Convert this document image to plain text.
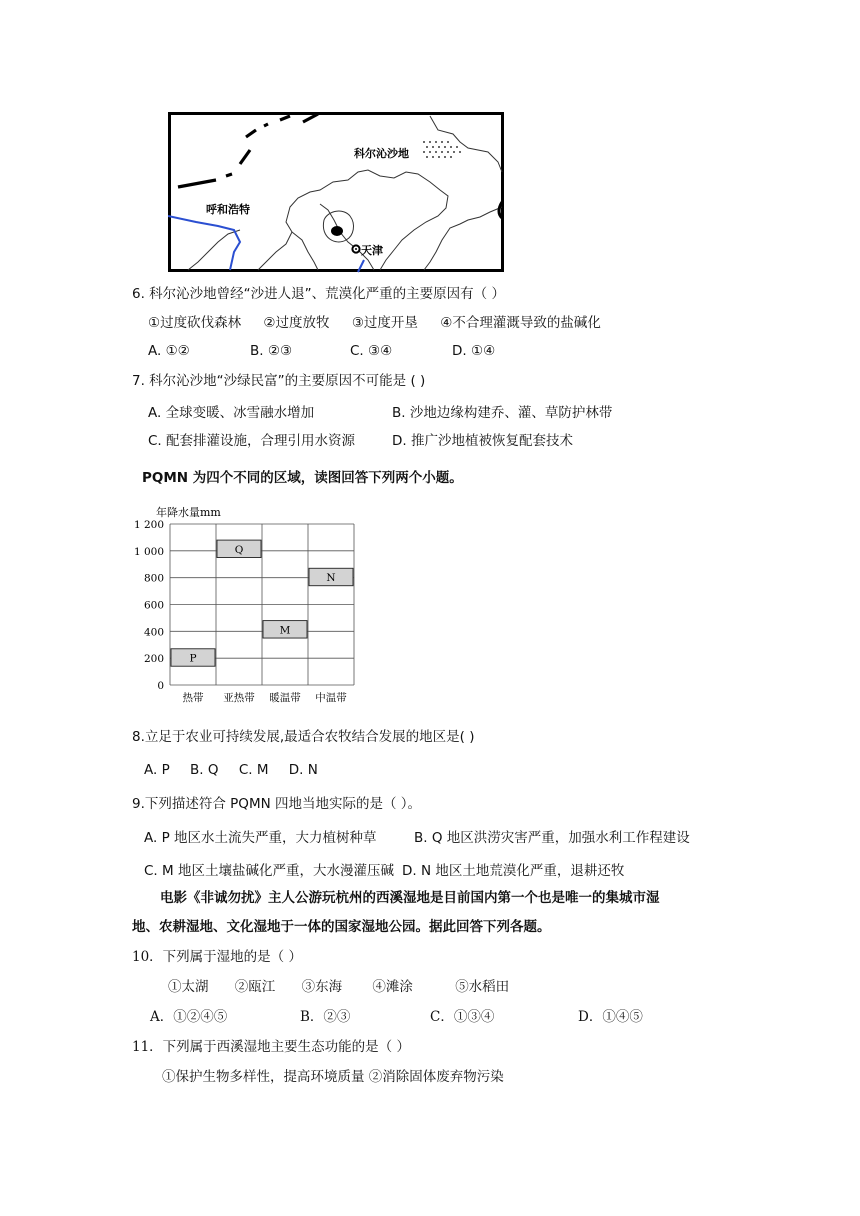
科尔沁沙地
呼和浩特
天津
6. 科尔沁沙地曾经“沙进人退”、荒漠化严重的主要原因有（ ）
①过度砍伐森林 ②过度放牧 ③过度开垦 ④不合理灌溉导致的盐碱化
A. ①②	B. ②③	C. ③④	D. ①④
7. 科尔沁沙地“沙绿民富”的主要原因不可能是 ( )
A. 全球变暖、冰雪融水增加	B. 沙地边缘构建乔、灌、草防护林带
C. 配套排灌设施，合理引用水资源	D. 推广沙地植被恢复配套技术
PQMN 为四个不同的区域，读图回答下列两个小题。
年降水量mm
0
200
400
600
800
1 000
1 200
P
Q
M
N
热带 亚热带 暖温带 中温带
8.立足于农业可持续发展,最适合农牧结合发展的地区是( )
A. P B. Q C. M D. N
9.下列描述符合 PQMN 四地当地实际的是（ ）。
A. P 地区水土流失严重，大力植树种草	B. Q 地区洪涝灾害严重，加强水利工作程建设
C. M 地区土壤盐碱化严重，大水漫灌压碱 D. N 地区土地荒漠化严重，退耕还牧
电影《非诚勿扰》主人公游玩杭州的西溪湿地是目前国内第一个也是唯一的集城市湿
地、农耕湿地、文化湿地于一体的国家湿地公园。据此回答下列各题。
10．下列属于湿地的是（ ）
①太湖 ②瓯江 ③东海 ④滩涂	⑤水稻田
A．①②④⑤	B．②③	C．①③④	D．①④⑤
11．下列属于西溪湿地主要生态功能的是（ ）
①保护生物多样性，提高环境质量 ②消除固体废弃物污染
